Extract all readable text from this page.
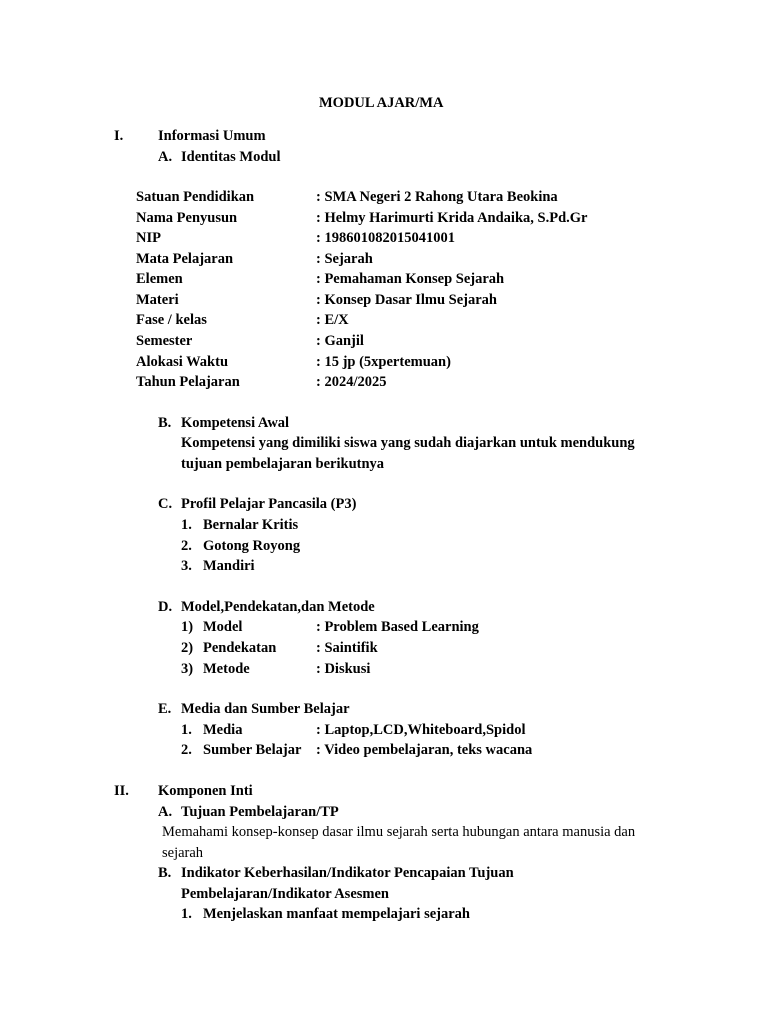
MODUL AJAR/MA
I. Informasi Umum
A. Identitas Modul
Satuan Pendidikan	: SMA Negeri 2 Rahong Utara Beokina
Nama Penyusun	: Helmy Harimurti Krida Andaika, S.Pd.Gr
NIP	: 198601082015041001
Mata Pelajaran	: Sejarah
Elemen	: Pemahaman Konsep Sejarah
Materi	: Konsep Dasar Ilmu Sejarah
Fase / kelas	: E/X
Semester	: Ganjil
Alokasi Waktu	: 15 jp (5xpertemuan)
Tahun Pelajaran	: 2024/2025
B. Kompetensi Awal
Kompetensi yang dimiliki siswa yang sudah diajarkan untuk mendukung
tujuan pembelajaran berikutnya
C. Profil Pelajar Pancasila (P3)
1. Bernalar Kritis
2. Gotong Royong
3. Mandiri
D. Model,Pendekatan,dan Metode
1) Model	: Problem Based Learning
2) Pendekatan	: Saintifik
3) Metode	: Diskusi
E. Media dan Sumber Belajar
1. Media	: Laptop,LCD,Whiteboard,Spidol
2. Sumber Belajar : Video pembelajaran, teks wacana
II. Komponen Inti
A. Tujuan Pembelajaran/TP
Memahami konsep-konsep dasar ilmu sejarah serta hubungan antara manusia dan
sejarah
B. Indikator Keberhasilan/Indikator Pencapaian Tujuan
Pembelajaran/Indikator Asesmen
1. Menjelaskan manfaat mempelajari sejarah
